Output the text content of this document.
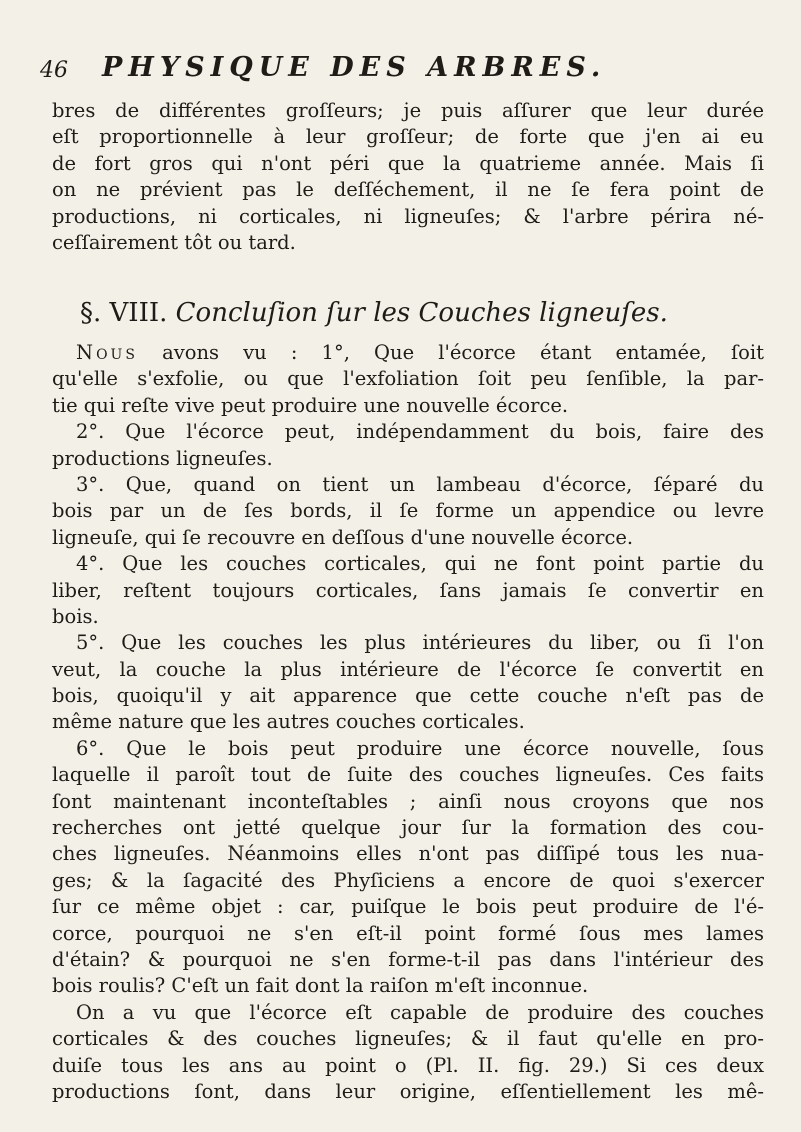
46 PHYSIQUE DES ARBRES.
bres de différentes groſſeurs; je puis aſſurer que leur durée
eſt proportionnelle à leur groſſeur; de forte que j'en ai eu
de fort gros qui n'ont péri que la quatrieme année. Mais ſi
on ne prévient pas le deſſéchement, il ne ſe fera point de
productions, ni corticales, ni ligneuſes; & l'arbre périra né-
ceſſairement tôt ou tard.
§. VIII. Concluſion ſur les Couches ligneuſes.
Nous avons vu : 1°, Que l'écorce étant entamée, ſoit
qu'elle s'exfolie, ou que l'exfoliation ſoit peu ſenſible, la par-
tie qui reſte vive peut produire une nouvelle écorce.
2°. Que l'écorce peut, indépendamment du bois, faire des
productions ligneuſes.
3°. Que, quand on tient un lambeau d'écorce, ſéparé du
bois par un de ſes bords, il ſe forme un appendice ou levre
ligneuſe, qui ſe recouvre en deſſous d'une nouvelle écorce.
4°. Que les couches corticales, qui ne font point partie du
liber, reſtent toujours corticales, ſans jamais ſe convertir en
bois.
5°. Que les couches les plus intérieures du liber, ou ſi l'on
veut, la couche la plus intérieure de l'écorce ſe convertit en
bois, quoiqu'il y ait apparence que cette couche n'eſt pas de
même nature que les autres couches corticales.
6°. Que le bois peut produire une écorce nouvelle, ſous
laquelle il paroît tout de ſuite des couches ligneuſes. Ces faits
ſont maintenant inconteſtables ; ainſi nous croyons que nos
recherches ont jetté quelque jour ſur la formation des cou-
ches ligneuſes. Néanmoins elles n'ont pas diſſipé tous les nua-
ges; & la ſagacité des Phyſiciens a encore de quoi s'exercer
ſur ce même objet : car, puiſque le bois peut produire de l'é-
corce, pourquoi ne s'en eſt-il point formé ſous mes lames
d'étain? & pourquoi ne s'en forme-t-il pas dans l'intérieur des
bois roulis? C'eſt un fait dont la raiſon m'eſt inconnue.
On a vu que l'écorce eſt capable de produire des couches
corticales & des couches ligneuſes; & il faut qu'elle en pro-
duiſe tous les ans au point o (Pl. II. fig. 29.) Si ces deux
productions ſont, dans leur origine, eſſentiellement les mê-
